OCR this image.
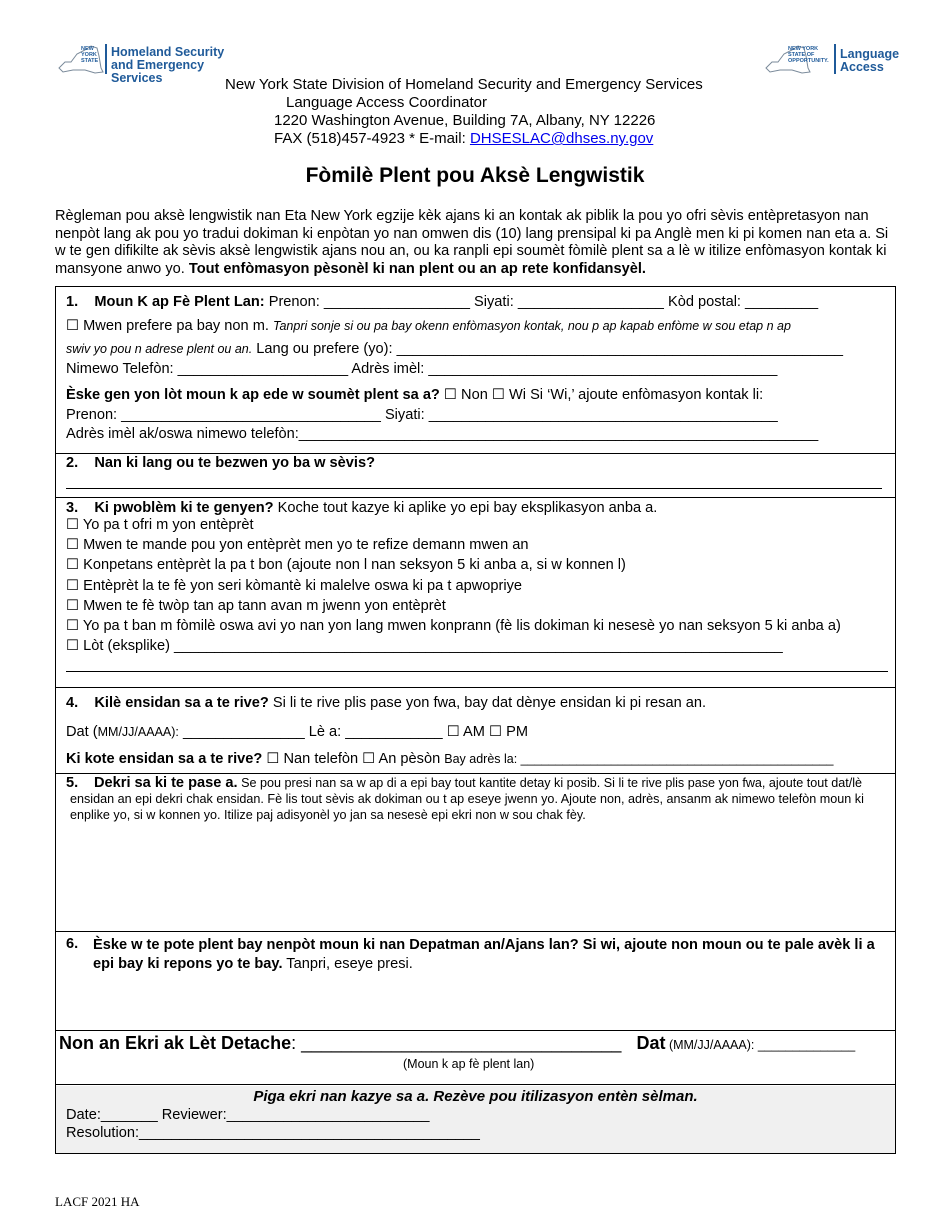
NEW YORK STATE
Homeland Security
and Emergency Services
NEW YORK STATE OF OPPORTUNITY. Language
Access
New York State Division of Homeland Security and Emergency Services
Language Access Coordinator
1220 Washington Avenue, Building 7A, Albany, NY 12226
FAX (518)457-4923 * E-mail: DHSESLAC@dhses.ny.gov
Fòmilè Plent pou Aksè Lengwistik
Règleman pou aksè lengwistik nan Eta New York egzije kèk ajans ki an kontak ak piblik la pou yo ofri sèvis entèpretasyon nan nenpòt lang ak pou yo tradui dokiman ki enpòtan yo nan omwen dis (10) lang prensipal ki pa Anglè men ki pi komen nan eta a. Si w te gen difikilte ak sèvis aksè lengwistik ajans nou an, ou ka ranpli epi soumèt fòmilè plent sa a lè w itilize enfòmasyon kontak ki mansyone anwo yo. Tout enfòmasyon pèsonèl ki nan plent ou an ap rete konfidansyèl.
1. Moun K ap Fè Plent Lan: Prenon: __________________ Siyati: __________________ Kòd postal: _________
☐ Mwen prefere pa bay non m. Tanpri sonje si ou pa bay okenn enfòmasyon kontak, nou p ap kapab enfòme w sou etap n ap
swiv yo pou n adrese plent ou an. Lang ou prefere (yo): _______________________________________________________
Nimewo Telefòn: _____________________ Adrès imèl: ___________________________________________
Èske gen yon lòt moun k ap ede w soumèt plent sa a? ☐ Non ☐ Wi Si ‘Wi,’ ajoute enfòmasyon kontak li:
Prenon: ________________________________ Siyati: ___________________________________________
Adrès imèl ak/oswa nimewo telefòn:________________________________________________________________
2. Nan ki lang ou te bezwen yo ba w sèvis?
3. Ki pwoblèm ki te genyen? Koche tout kazye ki aplike yo epi bay eksplikasyon anba a.
☐ Yo pa t ofri m yon entèprèt
☐ Mwen te mande pou yon entèprèt men yo te refize demann mwen an
☐ Konpetans entèprèt la pa t bon (ajoute non l nan seksyon 5 ki anba a, si w konnen l)
☐ Entèprèt la te fè yon seri kòmantè ki malelve oswa ki pa t apwopriye
☐ Mwen te fè twòp tan ap tann avan m jwenn yon entèprèt
☐ Yo pa t ban m fòmilè oswa avi yo nan yon lang mwen konprann (fè lis dokiman ki nesesè yo nan seksyon 5 ki anba a)
☐ Lòt (eksplike) ___________________________________________________________________________
4. Kilè ensidan sa a te rive? Si li te rive plis pase yon fwa, bay dat dènye ensidan ki pi resan an.
Dat (MM/JJ/AAAA): _______________ Lè a: ____________ ☐ AM ☐ PM
Ki kote ensidan sa a te rive? ☐ Nan telefòn ☐ An pèsòn Bay adrès la: _____________________________________________
5.	Dekri sa ki te pase a. Se pou presi nan sa w ap di a epi bay tout kantite detay ki posib. Si li te rive plis pase yon fwa, ajoute tout dat/lè ensidan an epi dekri chak ensidan. Fè lis tout sèvis ak dokiman ou t ap eseye jwenn yo. Ajoute non, adrès, ansanm ak nimewo telefòn moun ki enplike yo, si w konnen yo. Itilize paj adisyonèl yo jan sa nesesè epi ekri non w sou chak fèy.
6. Èske w te pote plent bay nenpòt moun ki nan Depatman an/Ajans lan? Si wi, ajoute non moun ou te pale avèk li a epi bay ki repons yo te bay. Tanpri, eseye presi.
Non an Ekri ak Lèt Detache: ________________________________ Dat (MM/JJ/AAAA): ______________
(Moun k ap fè plent lan)
Piga ekri nan kazye sa a. Rezève pou itilizasyon entèn sèlman.
Date:_______ Reviewer:_________________________
Resolution:__________________________________________
LACF 2021 HA
